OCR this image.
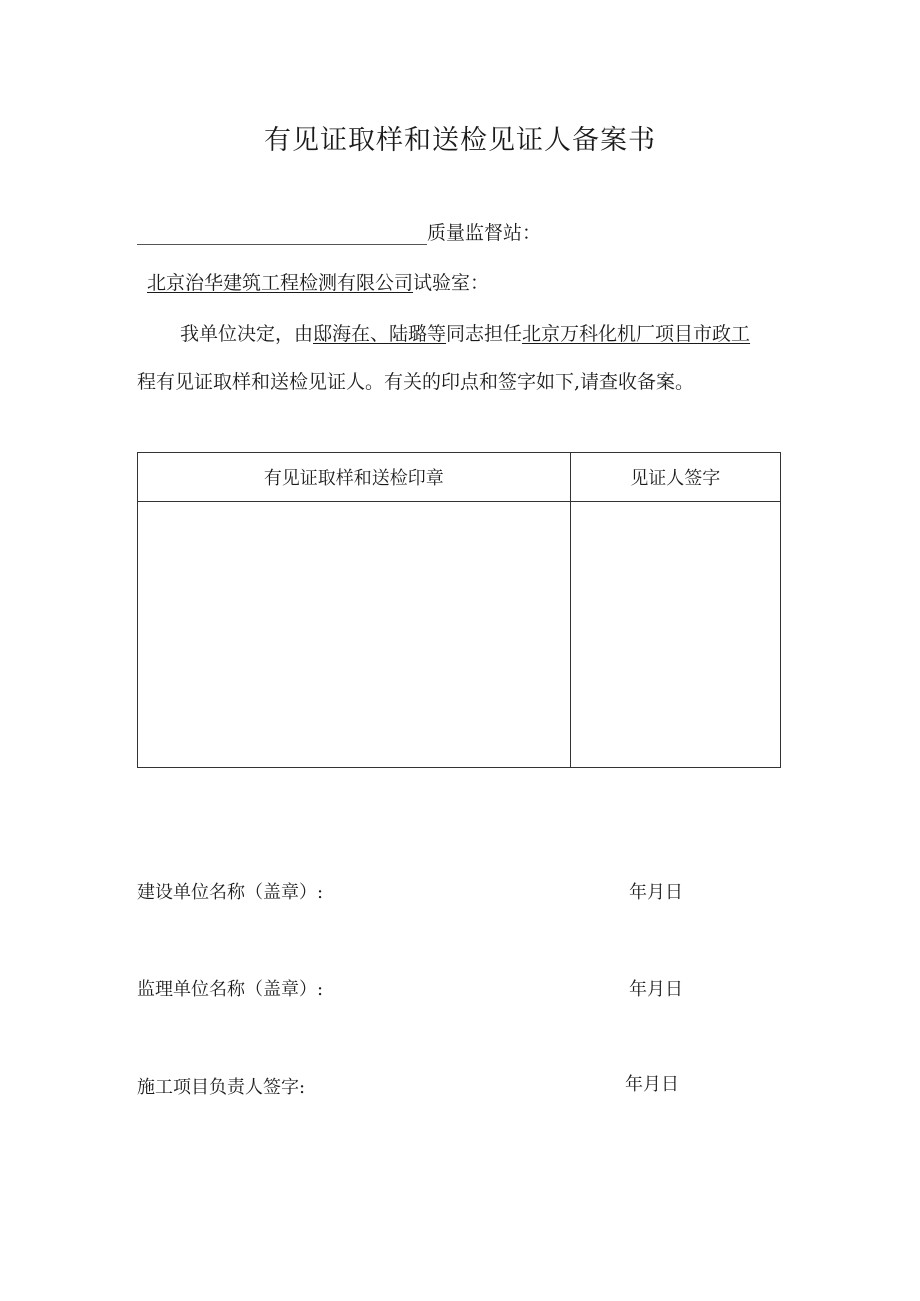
有见证取样和送检见证人备案书
质量监督站：
北京治华建筑工程检测有限公司试验室：
我单位决定，由邸海在、陆璐等同志担任北京万科化机厂项目市政工
程有见证取样和送检见证人。有关的印点和签字如下,请查收备案。
有见证取样和送检印章	见证人签字

建设单位名称（盖章）:	年月日
监理单位名称（盖章）:	年月日
施工项目负责人签字:	年月日
